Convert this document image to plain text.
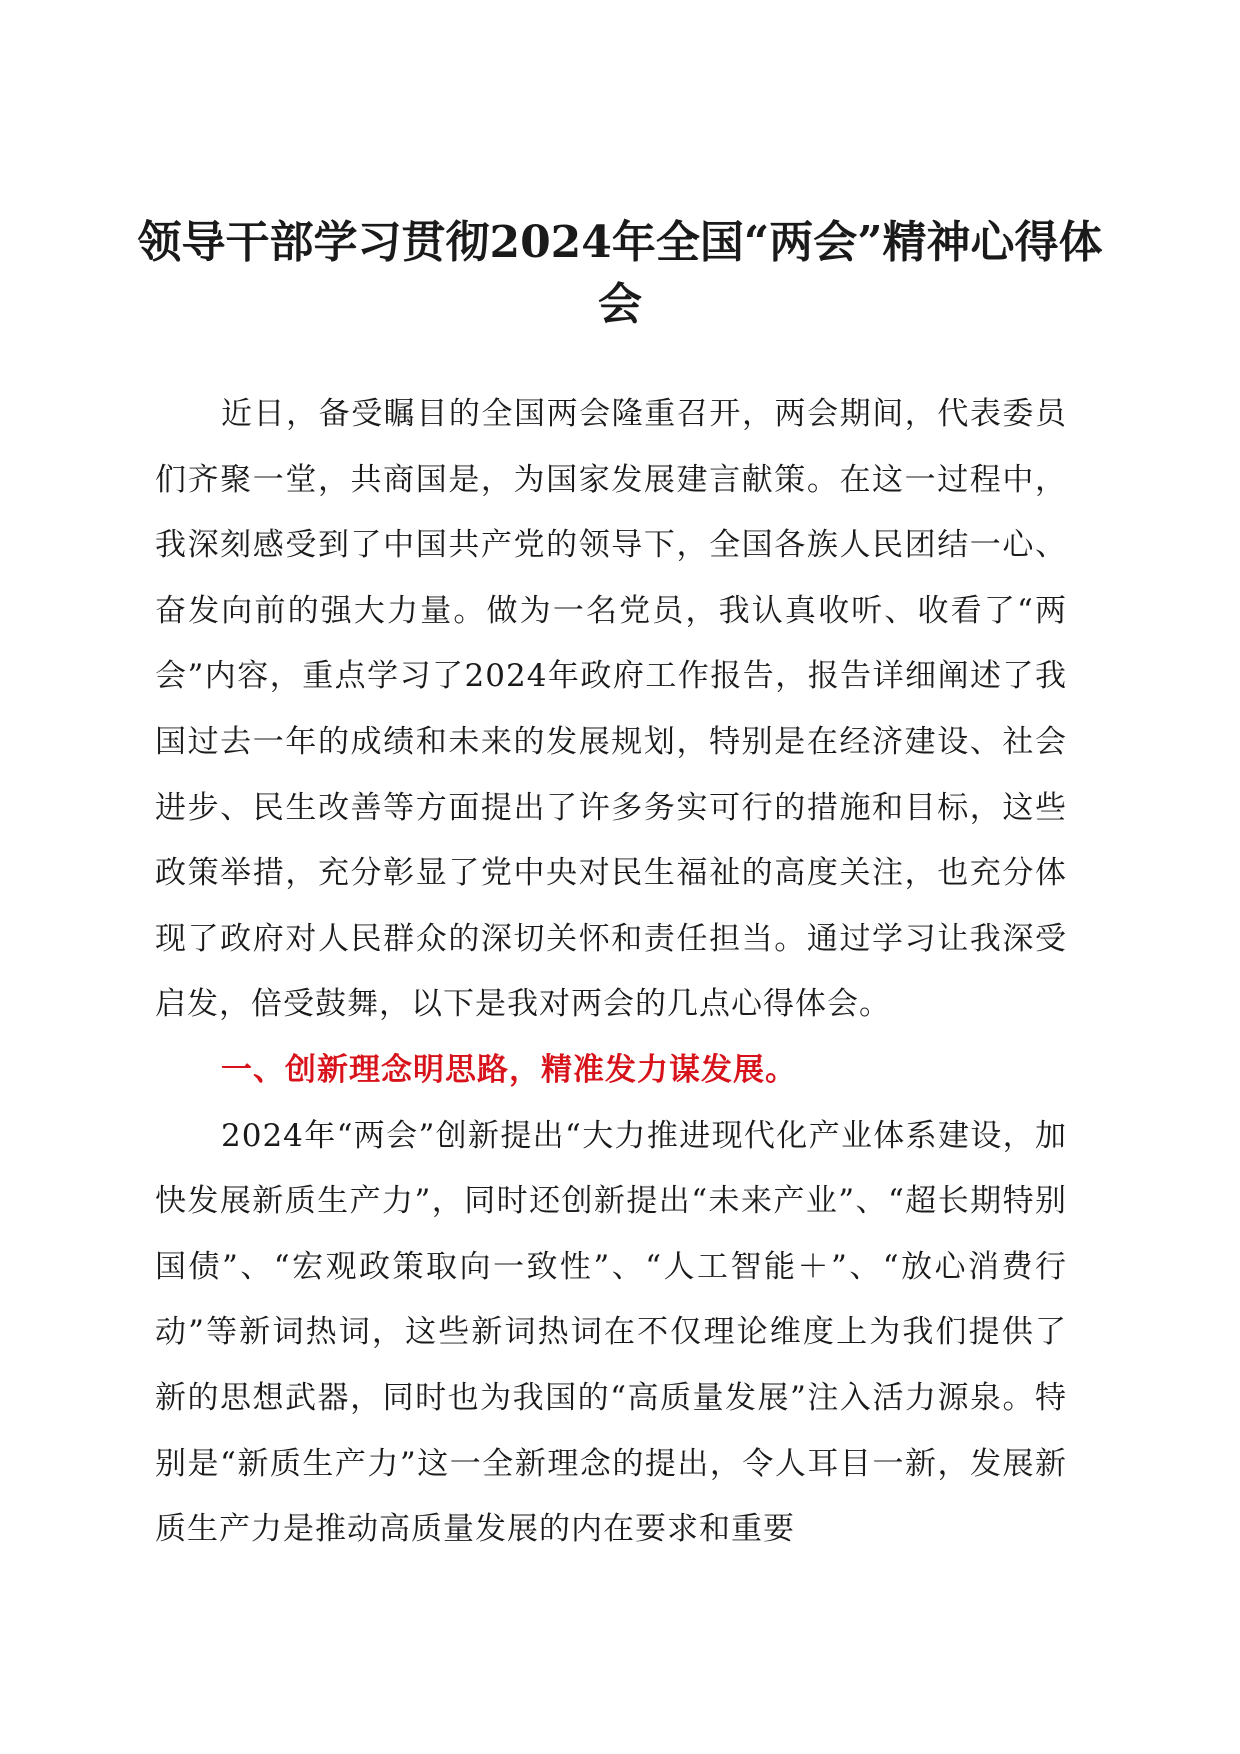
领导干部学习贯彻2024年全国“两会”精神心得体会

近日，备受瞩目的全国两会隆重召开，两会期间，代表委员们齐聚一堂，共商国是，为国家发展建言献策。在这一过程中，我深刻感受到了中国共产党的领导下，全国各族人民团结一心、奋发向前的强大力量。做为一名党员，我认真收听、收看了“两会”内容，重点学习了2024年政府工作报告，报告详细阐述了我国过去一年的成绩和未来的发展规划，特别是在经济建设、社会进步、民生改善等方面提出了许多务实可行的措施和目标，这些政策举措，充分彰显了党中央对民生福祉的高度关注，也充分体现了政府对人民群众的深切关怀和责任担当。通过学习让我深受启发，倍受鼓舞，以下是我对两会的几点心得体会。

一、创新理念明思路，精准发力谋发展。

2024年“两会”创新提出“大力推进现代化产业体系建设，加快发展新质生产力”，同时还创新提出“未来产业”、“超长期特别国债”、“宏观政策取向一致性”、“人工智能＋”、“放心消费行动”等新词热词，这些新词热词在不仅理论维度上为我们提供了新的思想武器，同时也为我国的“高质量发展”注入活力源泉。特别是“新质生产力”这一全新理念的提出，令人耳目一新，发展新质生产力是推动高质量发展的内在要求和重要
